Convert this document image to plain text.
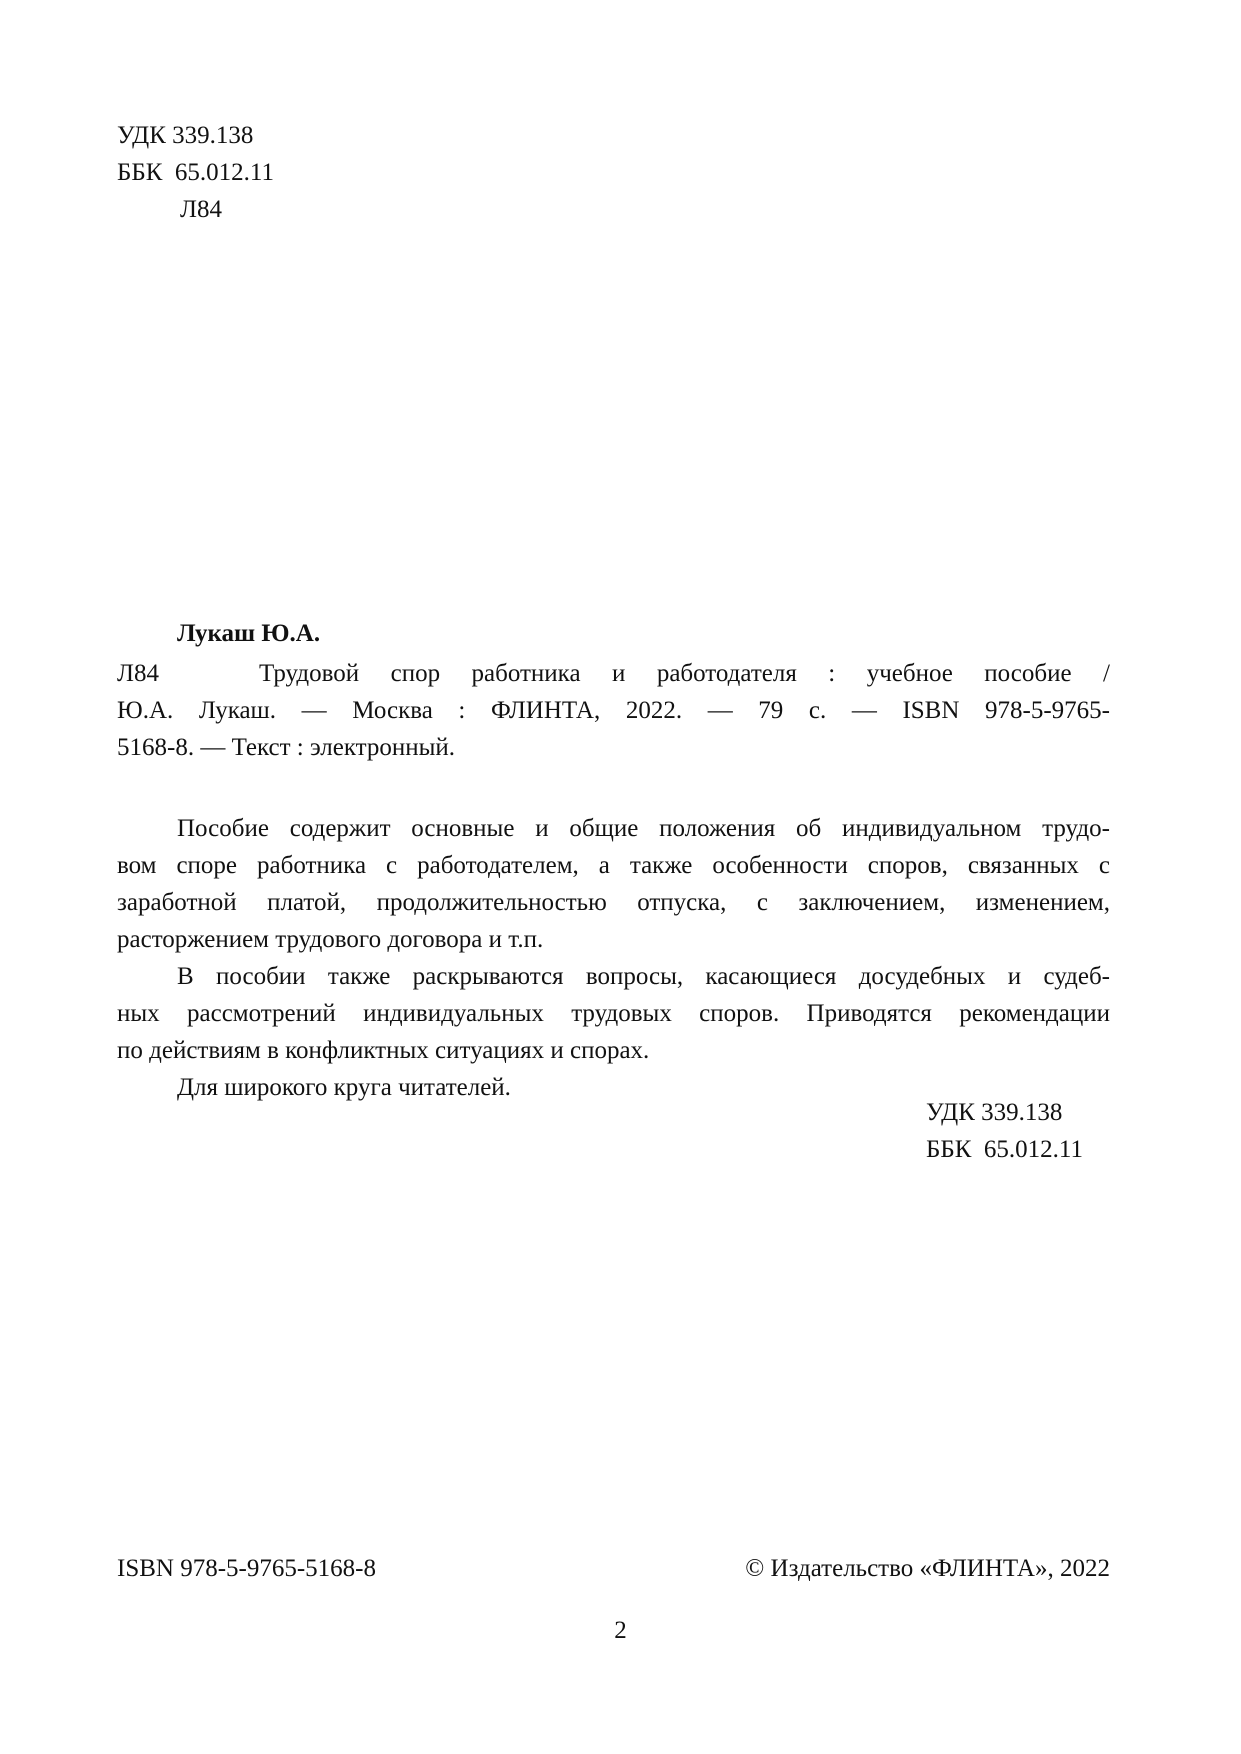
УДК 339.138
ББК  65.012.11
Л84
Лукаш Ю.А.
Л84	Трудовой спор работника и работодателя : учебное пособие /
Ю.А. Лукаш. — Москва : ФЛИНТА, 2022. — 79 с. — ISBN 978-5-9765-
5168-8. — Текст : электронный.
Пособие содержит основные и общие положения об индивидуальном трудо-
вом споре работника с работодателем, а также особенности споров, связанных с
заработной платой, продолжительностью отпуска, с заключением, изменением,
расторжением трудового договора и т.п.
В пособии также раскрываются вопросы, касающиеся досудебных и судеб-
ных рассмотрений индивидуальных трудовых споров. Приводятся рекомендации
по действиям в конфликтных ситуациях и спорах.
Для широкого круга читателей.
УДК 339.138
ББК  65.012.11
ISBN 978-5-9765-5168-8	© Издательство «ФЛИНТА», 2022
2
